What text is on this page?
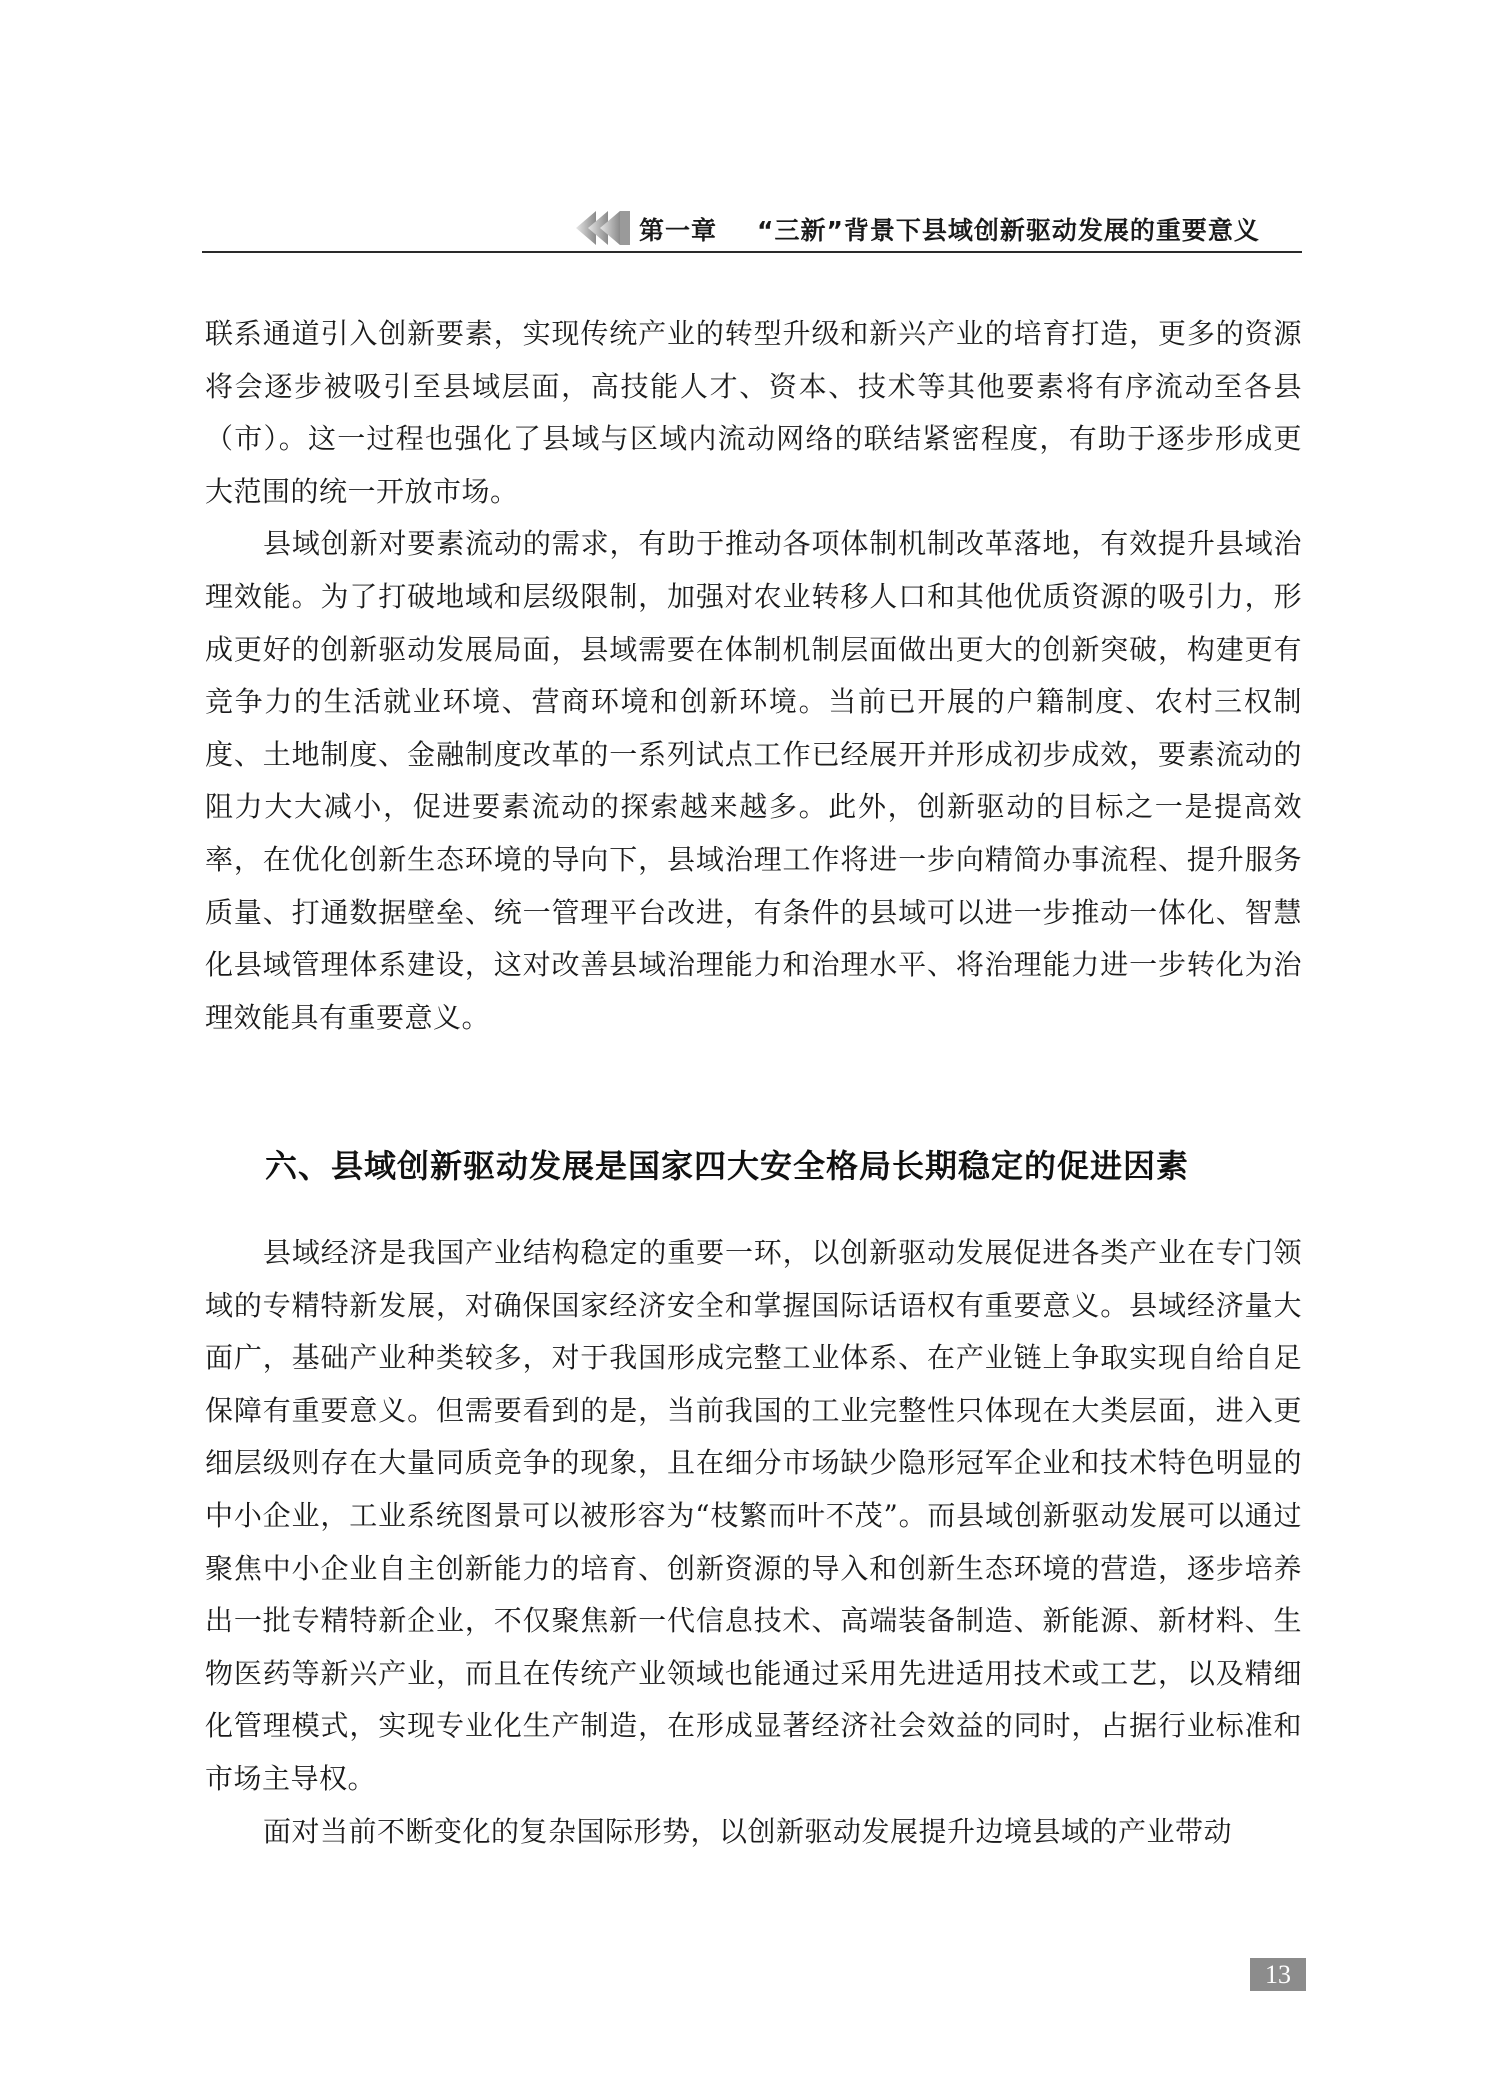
第一章 “三新”背景下县域创新驱动发展的重要意义

联系通道引入创新要素，实现传统产业的转型升级和新兴产业的培育打造，更多的资源将会逐步被吸引至县域层面，高技能人才、资本、技术等其他要素将有序流动至各县（市）。这一过程也强化了县域与区域内流动网络的联结紧密程度，有助于逐步形成更大范围的统一开放市场。

县域创新对要素流动的需求，有助于推动各项体制机制改革落地，有效提升县域治理效能。为了打破地域和层级限制，加强对农业转移人口和其他优质资源的吸引力，形成更好的创新驱动发展局面，县域需要在体制机制层面做出更大的创新突破，构建更有竞争力的生活就业环境、营商环境和创新环境。当前已开展的户籍制度、农村三权制度、土地制度、金融制度改革的一系列试点工作已经展开并形成初步成效，要素流动的阻力大大减小，促进要素流动的探索越来越多。此外，创新驱动的目标之一是提高效率，在优化创新生态环境的导向下，县域治理工作将进一步向精简办事流程、提升服务质量、打通数据壁垒、统一管理平台改进，有条件的县域可以进一步推动一体化、智慧化县域管理体系建设，这对改善县域治理能力和治理水平、将治理能力进一步转化为治理效能具有重要意义。

六、县域创新驱动发展是国家四大安全格局长期稳定的促进因素

县域经济是我国产业结构稳定的重要一环，以创新驱动发展促进各类产业在专门领域的专精特新发展，对确保国家经济安全和掌握国际话语权有重要意义。县域经济量大面广，基础产业种类较多，对于我国形成完整工业体系、在产业链上争取实现自给自足保障有重要意义。但需要看到的是，当前我国的工业完整性只体现在大类层面，进入更细层级则存在大量同质竞争的现象，且在细分市场缺少隐形冠军企业和技术特色明显的中小企业，工业系统图景可以被形容为“枝繁而叶不茂”。而县域创新驱动发展可以通过聚焦中小企业自主创新能力的培育、创新资源的导入和创新生态环境的营造，逐步培养出一批专精特新企业，不仅聚焦新一代信息技术、高端装备制造、新能源、新材料、生物医药等新兴产业，而且在传统产业领域也能通过采用先进适用技术或工艺，以及精细化管理模式，实现专业化生产制造，在形成显著经济社会效益的同时，占据行业标准和市场主导权。

面对当前不断变化的复杂国际形势，以创新驱动发展提升边境县域的产业带动

13
